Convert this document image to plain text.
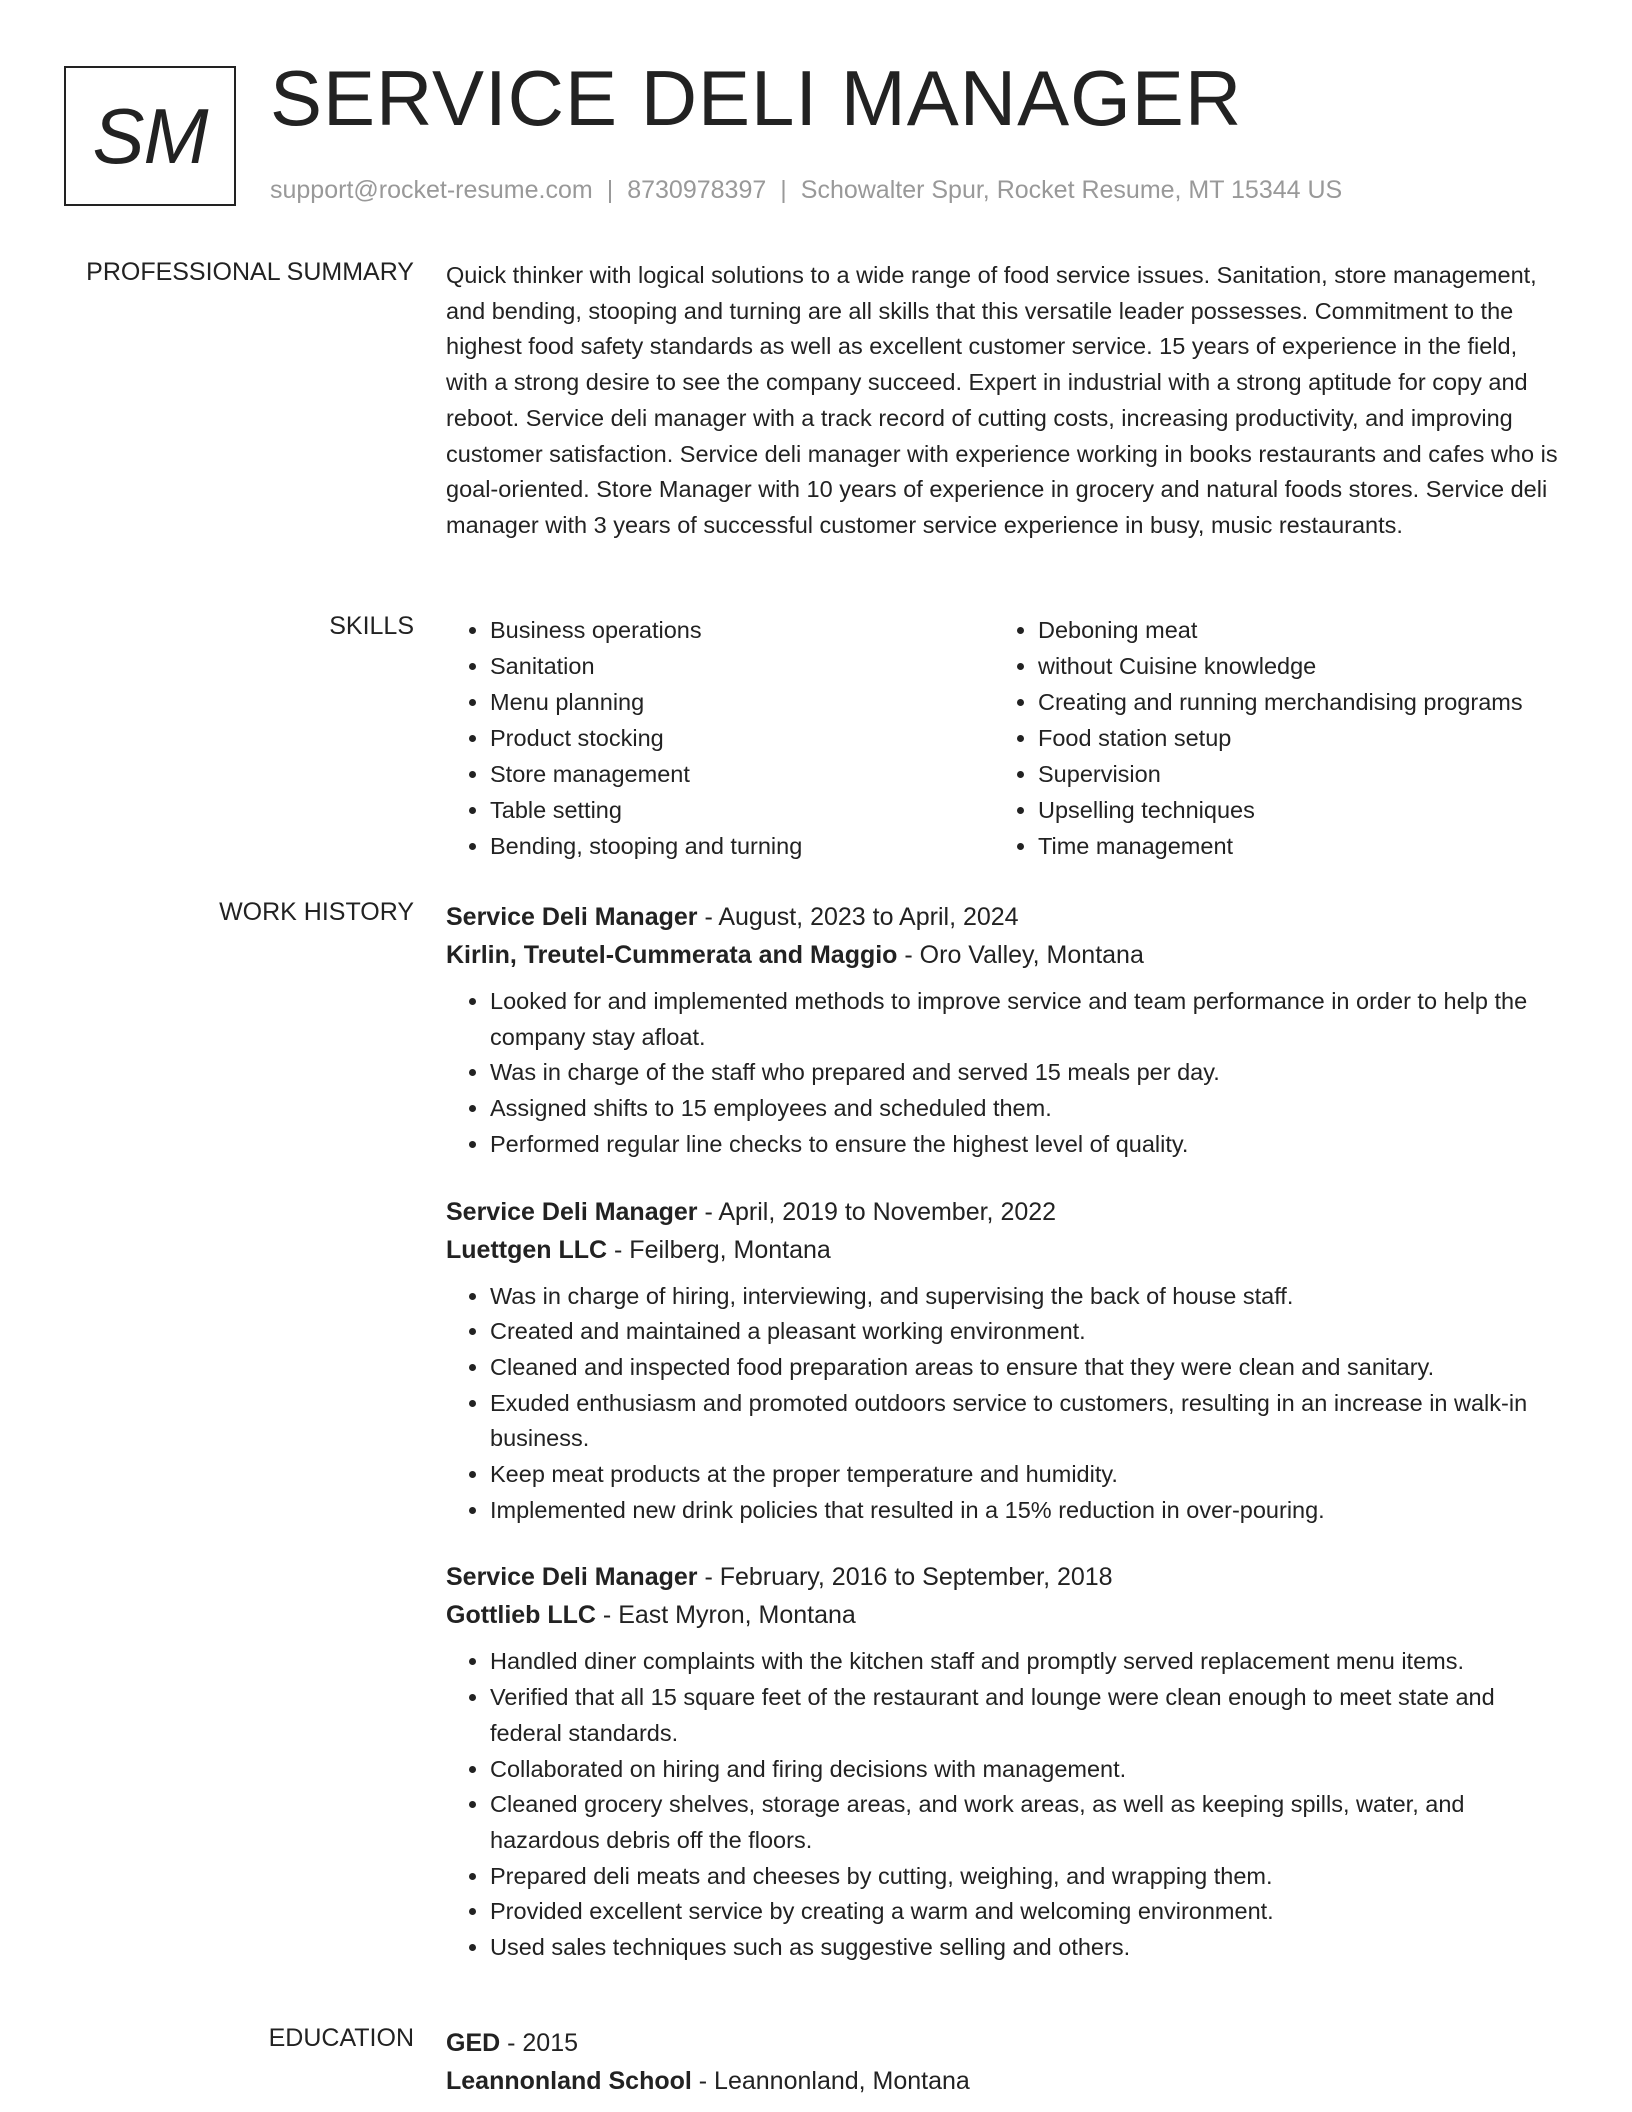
SM SERVICE DELI MANAGER
support@rocket-resume.com | 8730978397 | Schowalter Spur, Rocket Resume, MT 15344 US
PROFESSIONAL SUMMARY Quick thinker with logical solutions to a wide range of food service issues. Sanitation, store management, and bending, stooping and turning are all skills that this versatile leader possesses. Commitment to the highest food safety standards as well as excellent customer service. 15 years of experience in the field, with a strong desire to see the company succeed. Expert in industrial with a strong aptitude for copy and reboot. Service deli manager with a track record of cutting costs, increasing productivity, and improving customer satisfaction. Service deli manager with experience working in books restaurants and cafes who is goal-oriented. Store Manager with 10 years of experience in grocery and natural foods stores. Service deli manager with 3 years of successful customer service experience in busy, music restaurants.

SKILLS
•	Business operations
• Sanitation
• Menu planning
• Product stocking
• Store management
• Table setting
• Bending, stooping and turning
• Deboning meat
• without Cuisine knowledge
• Creating and running merchandising programs
• Food station setup
• Supervision
• Upselling techniques
• Time management
WORK HISTORY Service Deli Manager - August, 2023 to April, 2024
Kirlin, Treutel-Cummerata and Maggio - Oro Valley, Montana
• Looked for and implemented methods to improve service and team performance in order to help the company stay afloat.
• Was in charge of the staff who prepared and served 15 meals per day.
• Assigned shifts to 15 employees and scheduled them.
• Performed regular line checks to ensure the highest level of quality.
Service Deli Manager - April, 2019 to November, 2022
Luettgen LLC - Feilberg, Montana
• Was in charge of hiring, interviewing, and supervising the back of house staff.
• Created and maintained a pleasant working environment.
• Cleaned and inspected food preparation areas to ensure that they were clean and sanitary.
• Exuded enthusiasm and promoted outdoors service to customers, resulting in an increase in walk-in business.
• Keep meat products at the proper temperature and humidity.
• Implemented new drink policies that resulted in a 15% reduction in over-pouring.
Service Deli Manager - February, 2016 to September, 2018
Gottlieb LLC - East Myron, Montana
• Handled diner complaints with the kitchen staff and promptly served replacement menu items.
• Verified that all 15 square feet of the restaurant and lounge were clean enough to meet state and federal standards.
• Collaborated on hiring and firing decisions with management.
• Cleaned grocery shelves, storage areas, and work areas, as well as keeping spills, water, and hazardous debris off the floors.
• Prepared deli meats and cheeses by cutting, weighing, and wrapping them.
• Provided excellent service by creating a warm and welcoming environment.
• Used sales techniques such as suggestive selling and others.
EDUCATION GED - 2015
Leannonland School - Leannonland, Montana
